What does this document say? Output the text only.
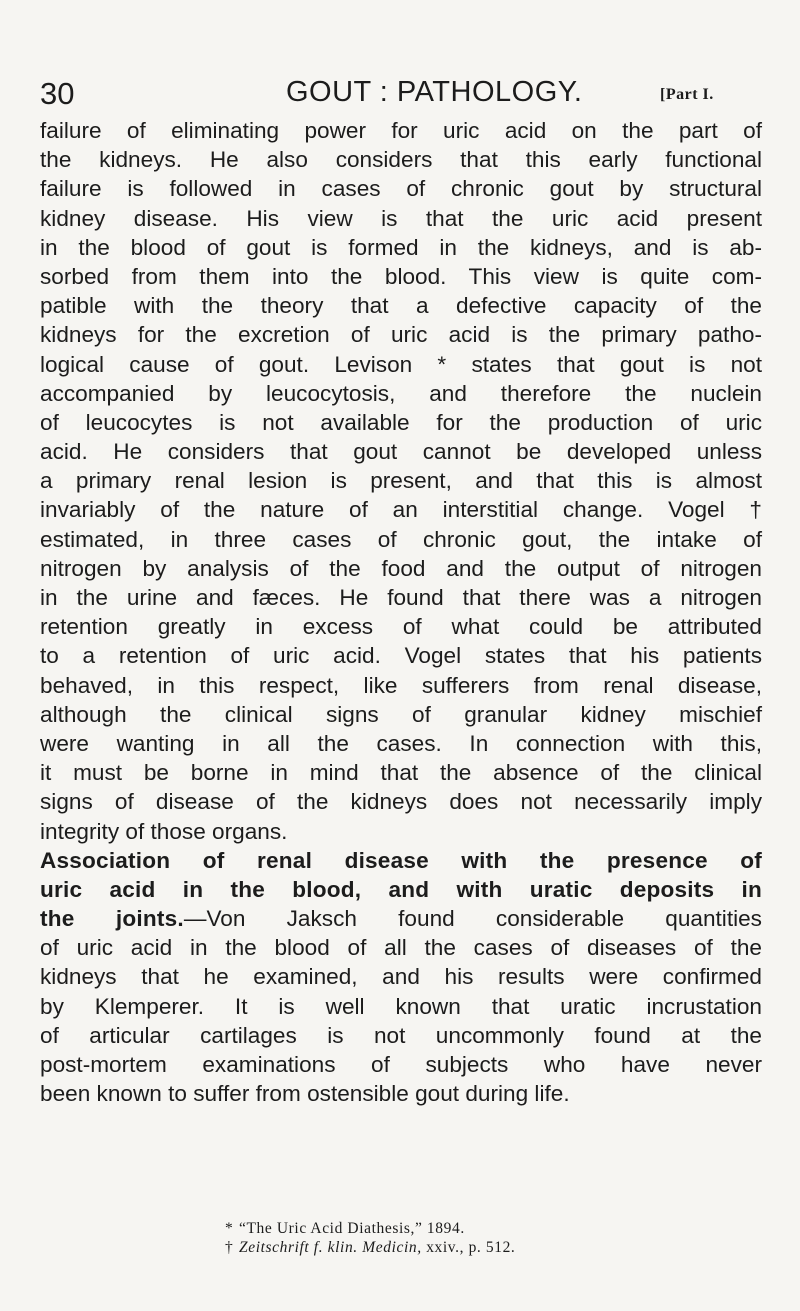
30	GOUT : PATHOLOGY.	[Part I.
failure of eliminating power for uric acid on the part of
the kidneys. He also considers that this early functional
failure is followed in cases of chronic gout by structural
kidney disease. His view is that the uric acid present
in the blood of gout is formed in the kidneys, and is ab-
sorbed from them into the blood. This view is quite com-
patible with the theory that a defective capacity of the
kidneys for the excretion of uric acid is the primary patho-
logical cause of gout. Levison * states that gout is not
accompanied by leucocytosis, and therefore the nuclein
of leucocytes is not available for the production of uric
acid. He considers that gout cannot be developed unless
a primary renal lesion is present, and that this is almost
invariably of the nature of an interstitial change. Vogel †
estimated, in three cases of chronic gout, the intake of
nitrogen by analysis of the food and the output of nitrogen
in the urine and fæces. He found that there was a nitrogen
retention greatly in excess of what could be attributed
to a retention of uric acid. Vogel states that his patients
behaved, in this respect, like sufferers from renal disease,
although the clinical signs of granular kidney mischief
were wanting in all the cases. In connection with this,
it must be borne in mind that the absence of the clinical
signs of disease of the kidneys does not necessarily imply
integrity of those organs.
Association of renal disease with the presence of
uric acid in the blood, and with uratic deposits in
the joints.—Von Jaksch found considerable quantities
of uric acid in the blood of all the cases of diseases of the
kidneys that he examined, and his results were confirmed
by Klemperer. It is well known that uratic incrustation
of articular cartilages is not uncommonly found at the
post-mortem examinations of subjects who have never
been known to suffer from ostensible gout during life.
* “The Uric Acid Diathesis,” 1894.
† Zeitschrift f. klin. Medicin, xxiv., p. 512.
